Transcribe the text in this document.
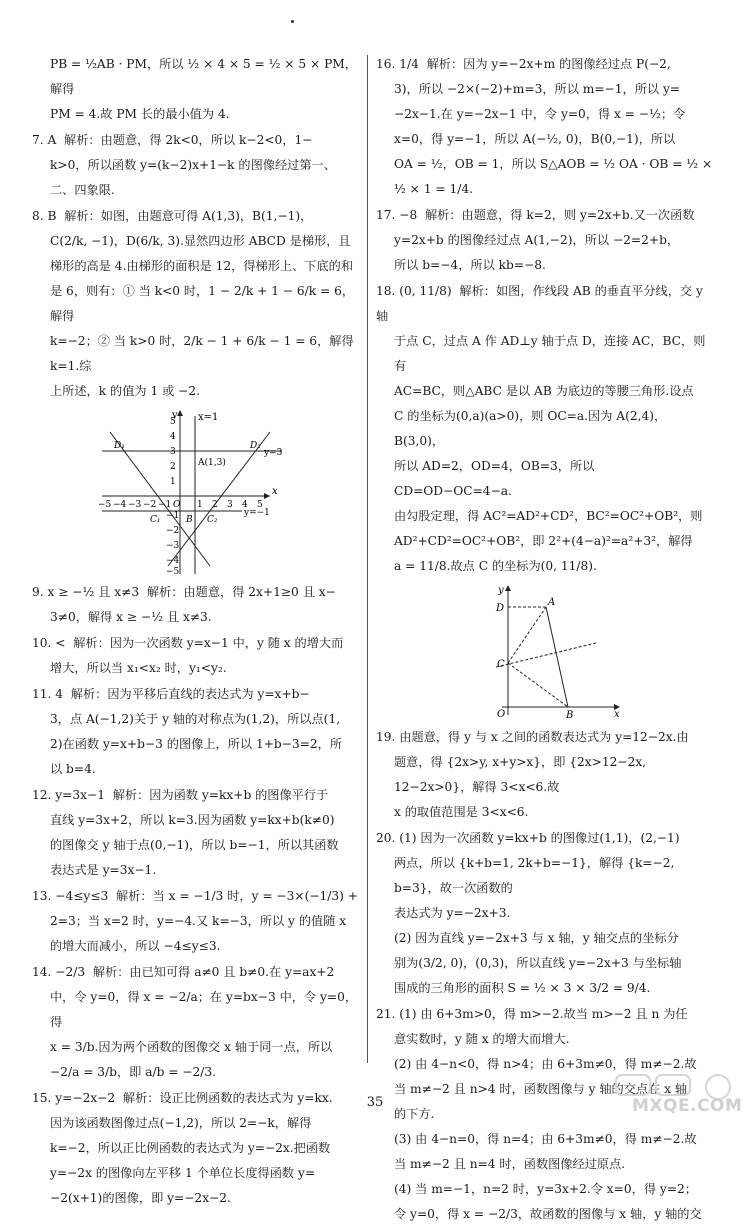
PB = ½AB · PM，所以 ½ × 4 × 5 = ½ × 5 × PM，解得
PM = 4.故 PM 长的最小值为 4.
7. A  解析：由题意，得 2k<0，所以 k−2<0，1−
k>0，所以函数 y=(k−2)x+1−k 的图像经过第一、
二、四象限.
8. B  解析：如图，由题意可得 A(1,3)，B(1,−1)，
C(2/k, −1)，D(6/k, 3).显然四边形 ABCD 是梯形，且
梯形的高是 4.由梯形的面积是 12，得梯形上、下底的和
是 6，则有：① 当 k<0 时，1 − 2/k + 1 − 6/k = 6，解得
k=−2；② 当 k>0 时，2/k − 1 + 6/k − 1 = 6，解得 k=1.综
上所述，k 的值为 1 或 −2.
y x=1
5
4
3
2
1
−5 −4 −3 −2 −1 O 1 2 3 4 5
x
−1
−2
−3
−4
−5
D₁	D₂
A(1,3)
y=3
C₁	B C₂
y=−1
9. x ≥ −½ 且 x≠3  解析：由题意，得 2x+1≥0 且 x−
3≠0，解得 x ≥ −½ 且 x≠3.
10. <  解析：因为一次函数 y=x−1 中，y 随 x 的增大而
增大，所以当 x₁<x₂ 时，y₁<y₂.
11. 4  解析：因为平移后直线的表达式为 y=x+b−
3，点 A(−1,2)关于 y 轴的对称点为(1,2)，所以点(1,
2)在函数 y=x+b−3 的图像上，所以 1+b−3=2，所
以 b=4.
12. y=3x−1  解析：因为函数 y=kx+b 的图像平行于
直线 y=3x+2，所以 k=3.因为函数 y=kx+b(k≠0)
的图像交 y 轴于点(0,−1)，所以 b=−1，所以其函数
表达式是 y=3x−1.
13. −4≤y≤3  解析：当 x = −1/3 时，y = −3×(−1/3) +
2=3；当 x=2 时，y=−4.又 k=−3，所以 y 的值随 x
的增大而减小，所以 −4≤y≤3.
14. −2/3  解析：由已知可得 a≠0 且 b≠0.在 y=ax+2
中，令 y=0，得 x = −2/a；在 y=bx−3 中，令 y=0，得
x = 3/b.因为两个函数的图像交 x 轴于同一点，所以
−2/a = 3/b，即 a/b = −2/3.
15. y=−2x−2  解析：设正比例函数的表达式为 y=kx.
因为该函数图像过点(−1,2)，所以 2=−k，解得
k=−2，所以正比例函数的表达式为 y=−2x.把函数
y=−2x 的图像向左平移 1 个单位长度得函数 y=
−2(x+1)的图像，即 y=−2x−2.
16. 1/4  解析：因为 y=−2x+m 的图像经过点 P(−2,
3)，所以 −2×(−2)+m=3，所以 m=−1，所以 y=
−2x−1.在 y=−2x−1 中，令 y=0，得 x = −½；令
x=0，得 y=−1，所以 A(−½, 0)，B(0,−1)，所以
OA = ½，OB = 1，所以 S△AOB = ½ OA · OB = ½ ×
½ × 1 = 1/4.
17. −8  解析：由题意，得 k=2，则 y=2x+b.又一次函数
y=2x+b 的图像经过点 A(1,−2)，所以 −2=2+b，
所以 b=−4，所以 kb=−8.
18. (0, 11/8)  解析：如图，作线段 AB 的垂直平分线，交 y 轴
于点 C，过点 A 作 AD⊥y 轴于点 D，连接 AC，BC，则有
AC=BC，则△ABC 是以 AB 为底边的等腰三角形.设点
C 的坐标为(0,a)(a>0)，则 OC=a.因为 A(2,4)，B(3,0)，
所以 AD=2，OD=4，OB=3，所以 CD=OD−OC=4−a.
由勾股定理，得 AC²=AD²+CD²，BC²=OC²+OB²，则
AD²+CD²=OC²+OB²，即 2²+(4−a)²=a²+3²，解得
a = 11/8.故点 C 的坐标为(0, 11/8).
y
D
A
C
O	B	x
19. 由题意，得 y 与 x 之间的函数表达式为 y=12−2x.由
题意，得 {2x>y, x+y>x}，即 {2x>12−2x, 12−2x>0}，解得 3<x<6.故
x 的取值范围是 3<x<6.
20. (1) 因为一次函数 y=kx+b 的图像过(1,1)，(2,−1)
两点，所以 {k+b=1, 2k+b=−1}，解得 {k=−2, b=3}，故一次函数的
表达式为 y=−2x+3.
(2) 因为直线 y=−2x+3 与 x 轴，y 轴交点的坐标分
别为(3/2, 0)，(0,3)，所以直线 y=−2x+3 与坐标轴
围成的三角形的面积 S = ½ × 3 × 3/2 = 9/4.
21. (1) 由 6+3m>0，得 m>−2.故当 m>−2 且 n 为任
意实数时，y 随 x 的增大而增大.
(2) 由 4−n<0，得 n>4；由 6+3m≠0，得 m≠−2.故
当 m≠−2 且 n>4 时，函数图像与 y 轴的交点在 x 轴
的下方.
(3) 由 4−n=0，得 n=4；由 6+3m≠0，得 m≠−2.故
当 m≠−2 且 n=4 时，函数图像经过原点.
(4) 当 m=−1，n=2 时，y=3x+2.令 x=0，得 y=2；
令 y=0，得 x = −2/3，故函数的图像与 x 轴，y 轴的交
35	MXQE.COM
